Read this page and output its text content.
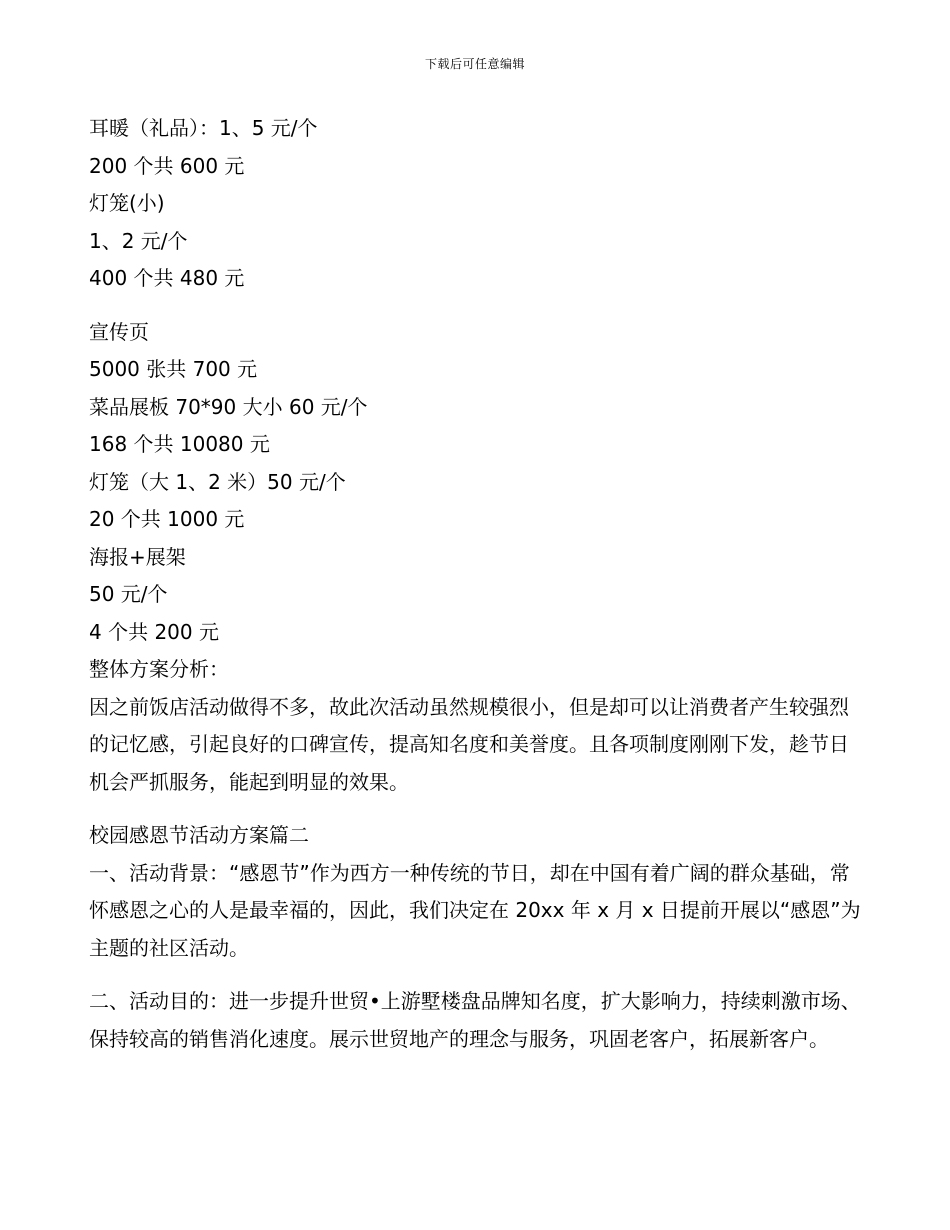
下载后可任意编辑
耳暖（礼品）：1、5 元/个
200 个共 600 元
灯笼(小)
1、2 元/个
400 个共 480 元
宣传页
5000 张共 700 元
菜品展板 70*90 大小 60 元/个
168 个共 10080 元
灯笼（大 1、2 米）50 元/个
20 个共 1000 元
海报+展架
50 元/个
4 个共 200 元
整体方案分析：
因之前饭店活动做得不多，故此次活动虽然规模很小，但是却可以让消费者产生较强烈的记忆感，引起良好的口碑宣传，提高知名度和美誉度。且各项制度刚刚下发，趁节日机会严抓服务，能起到明显的效果。
校园感恩节活动方案篇二
一、活动背景：“感恩节”作为西方一种传统的节日，却在中国有着广阔的群众基础，常怀感恩之心的人是最幸福的，因此，我们决定在 20xx 年 x 月 x 日提前开展以“感恩”为主题的社区活动。
二、活动目的：进一步提升世贸•上游墅楼盘品牌知名度，扩大影响力，持续刺激市场、保持较高的销售消化速度。展示世贸地产的理念与服务，巩固老客户，拓展新客户。
